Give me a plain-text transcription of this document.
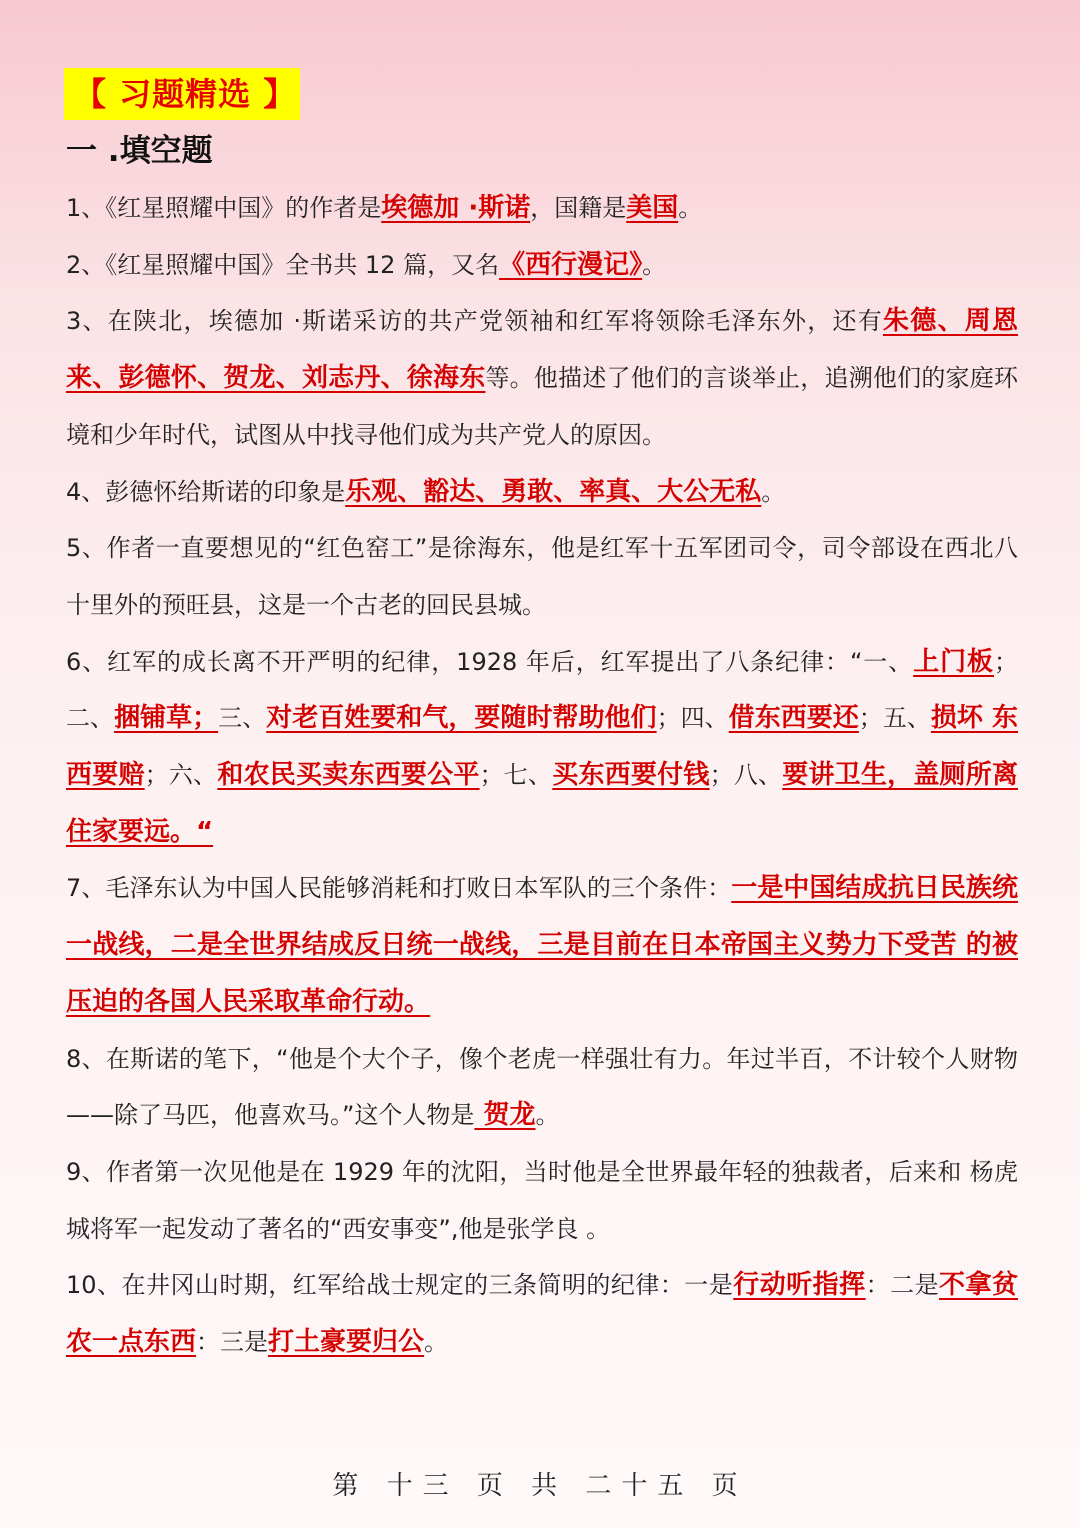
【 习题精选 】
一 .填空题

1、《红星照耀中国》的作者是埃德加 ·斯诺，国籍是美国。

2、《红星照耀中国》全书共 12 篇，又名《西行漫记》。

3、在陕北，埃德加 ·斯诺采访的共产党领袖和红军将领除毛泽东外，还有朱德、周恩来、彭德怀、贺龙、刘志丹、徐海东等。他描述了他们的言谈举止，追溯他们的家庭环境和少年时代，试图从中找寻他们成为共产党人的原因。

4、彭德怀给斯诺的印象是乐观、豁达、勇敢、率真、大公无私。

5、作者一直要想见的“红色窑工”是徐海东，他是红军十五军团司令，司令部设在西北八十里外的预旺县，这是一个古老的回民县城。

6、红军的成长离不开严明的纪律，1928 年后，红军提出了八条纪律：“一、上门板；二、捆铺草；三、对老百姓要和气，要随时帮助他们；四、借东西要还；五、损坏 东西要赔；六、和农民买卖东西要公平；七、买东西要付钱；八、要讲卫生，盖厕所离住家要远。“

7、毛泽东认为中国人民能够消耗和打败日本军队的三个条件：一是中国结成抗日民族统一战线，二是全世界结成反日统一战线，三是目前在日本帝国主义势力下受苦 的被压迫的各国人民采取革命行动。

8、在斯诺的笔下，“他是个大个子，像个老虎一样强壮有力。年过半百，不计较个人财物——除了马匹，他喜欢马。”这个人物是 贺龙。

9、作者第一次见他是在 1929 年的沈阳，当时他是全世界最年轻的独裁者，后来和 杨虎城将军一起发动了著名的“西安事变”,他是张学良 。

10、在井冈山时期，红军给战士规定的三条简明的纪律：一是行动听指挥：二是不拿贫农一点东西：三是打土豪要归公。

第 十三 页 共 二十五 页
